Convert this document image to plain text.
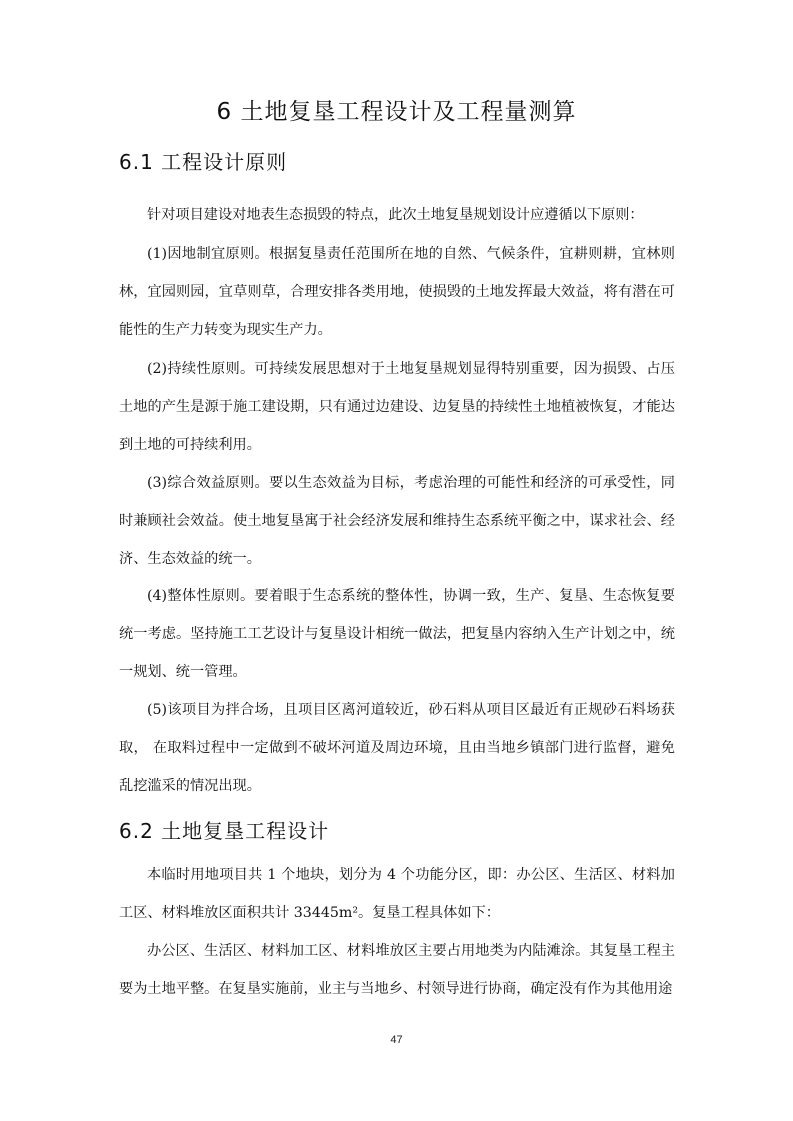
6 土地复垦工程设计及工程量测算
6.1 工程设计原则

针对项目建设对地表生态损毁的特点，此次土地复垦规划设计应遵循以下原则：

(1)因地制宜原则。根据复垦责任范围所在地的自然、气候条件，宜耕则耕，宜林则林，宜园则园，宜草则草，合理安排各类用地，使损毁的土地发挥最大效益，将有潜在可能性的生产力转变为现实生产力。

(2)持续性原则。可持续发展思想对于土地复垦规划显得特别重要，因为损毁、占压土地的产生是源于施工建设期，只有通过边建设、边复垦的持续性土地植被恢复，才能达到土地的可持续利用。

(3)综合效益原则。要以生态效益为目标，考虑治理的可能性和经济的可承受性，同时兼顾社会效益。使土地复垦寓于社会经济发展和维持生态系统平衡之中，谋求社会、经济、生态效益的统一。

(4)整体性原则。要着眼于生态系统的整体性，协调一致，生产、复垦、生态恢复要统一考虑。坚持施工工艺设计与复垦设计相统一做法，把复垦内容纳入生产计划之中，统一规划、统一管理。

(5)该项目为拌合场，且项目区离河道较近，砂石料从项目区最近有正规砂石料场获取， 在取料过程中一定做到不破坏河道及周边环境，且由当地乡镇部门进行监督，避免 乱挖滥采的情况出现。

6.2 土地复垦工程设计

本临时用地项目共 1 个地块，划分为 4 个功能分区，即：办公区、生活区、材料加工区、材料堆放区面积共计 33445m²。复垦工程具体如下：

办公区、生活区、材料加工区、材料堆放区主要占用地类为内陆滩涂。其复垦工程主要为土地平整。在复垦实施前，业主与当地乡、村领导进行协商，确定没有作为其他用途

47
